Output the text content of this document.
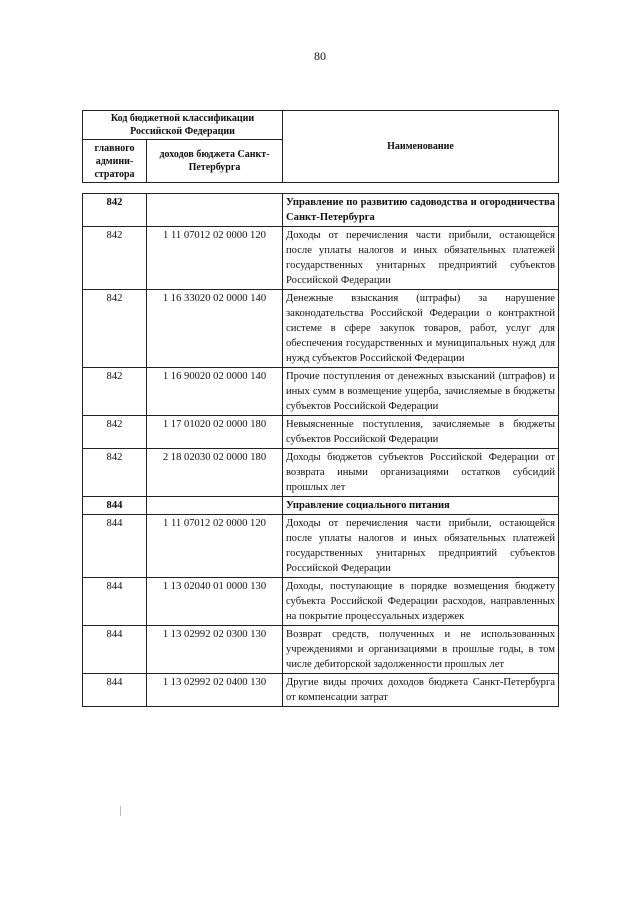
80
Код бюджетной классификации Российской Федерации		Наименование
главного админи-стратора	доходов бюджета Санкт-Петербурга	
842		Управление по развитию садоводства и огородничества Санкт-Петербурга
842	1 11 07012 02 0000 120	Доходы от перечисления части прибыли, остающейся после уплаты налогов и иных обязательных платежей государственных унитарных предприятий субъектов Российской Федерации
842	1 16 33020 02 0000 140	Денежные взыскания (штрафы) за нарушение законодательства Российской Федерации о контрактной системе в сфере закупок товаров, работ, услуг для обеспечения государственных и муниципальных нужд для нужд субъектов Российской Федерации
842	1 16 90020 02 0000 140	Прочие поступления от денежных взысканий (штрафов) и иных сумм в возмещение ущерба, зачисляемые в бюджеты субъектов Российской Федерации
842	1 17 01020 02 0000 180	Невыясненные поступления, зачисляемые в бюджеты субъектов Российской Федерации
842	2 18 02030 02 0000 180	Доходы бюджетов субъектов Российской Федерации от возврата иными организациями остатков субсидий прошлых лет
844		Управление социального питания
844	1 11 07012 02 0000 120	Доходы от перечисления части прибыли, остающейся после уплаты налогов и иных обязательных платежей государственных унитарных предприятий субъектов Российской Федерации
844	1 13 02040 01 0000 130	Доходы, поступающие в порядке возмещения бюджету субъекта Российской Федерации расходов, направленных на покрытие процессуальных издержек
844	1 13 02992 02 0300 130	Возврат средств, полученных и не использованных учреждениями и организациями в прошлые годы, в том числе дебиторской задолженности прошлых лет
844	1 13 02992 02 0400 130	Другие виды прочих доходов бюджета Санкт-Петербурга от компенсации затрат
